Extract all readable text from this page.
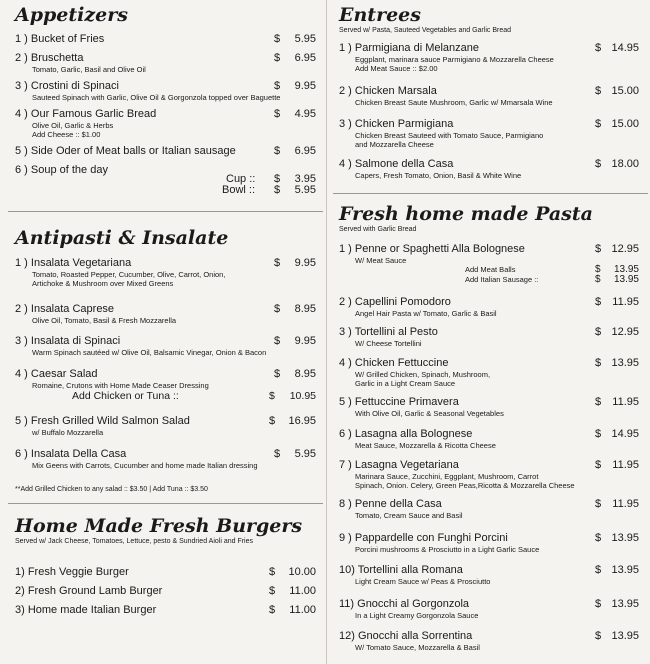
Appetizers
1 ) Bucket of Fries	$	5.95
2 ) Bruschetta	$	6.95
Tomato, Garlic, Basil and Olive Oil
3 ) Crostini di Spinaci	$	9.95
Sauteed Spinach with Garlic, Olive Oil & Gorgonzola topped over Baguette
4 ) Our Famous Garlic Bread	$	4.95
Olive Oil, Garlic & Herbs
Add Cheese :: $1.00
5 ) Side Oder of Meat balls or Italian sausage	$	6.95
6 ) Soup of the day
Cup :: $	3.95
Bowl :: $	5.95
Antipasti & Insalate
1 ) Insalata Vegetariana	$	9.95
Tomato, Roasted Pepper, Cucumber, Olive, Carrot, Onion,
Artichoke & Mushroom over Mixed Greens
2 ) Insalata Caprese	$	8.95
Olive Oil, Tomato, Basil & Fresh Mozzarella
3 ) Insalata di Spinaci	$	9.95
Warm Spinach sautéed w/ Olive Oil, Balsamic Vinegar, Onion & Bacon
4 ) Caesar Salad	$	8.95
Romaine, Crutons with Home Made Ceaser Dressing
Add Chicken or Tuna ::	$	10.95
5 ) Fresh Grilled Wild Salmon Salad	$	16.95
w/ Buffalo Mozzarella
6 ) Insalata Della Casa	$	5.95
Mix Geens with Carrots, Cucumber and home made Italian dressing
**Add Grilled Chicken to any salad :: $3.50 | Add Tuna :: $3.50
Home Made Fresh Burgers
Served w/ Jack Cheese, Tomatoes, Lettuce, pesto & Sundried Aioli and Fries
1) Fresh Veggie Burger	$	10.00
2) Fresh Ground Lamb Burger	$	11.00
3) Home made Italian Burger	$	11.00
Entrees
Served w/ Pasta, Sauteed Vegetables and Garlic Bread
1 ) Parmigiana di Melanzane	$ 14.95
Eggplant, marinara sauce Parmigiano & Mozzarella Cheese
Add Meat Sauce :: $2.00
2 ) Chicken Marsala	$ 15.00
Chicken Breast Saute Mushroom, Garlic w/ Mmarsala Wine
3 ) Chicken Parmigiana	$ 15.00
Chicken Breast Sauteed with Tomato Sauce, Parmigiano
and Mozzarella Cheese
4 ) Salmone della Casa	$ 18.00
Capers, Fresh Tomato, Onion, Basil & White Wine
Fresh home made Pasta
Served with Garlic Bread
1 ) Penne or Spaghetti Alla Bolognese	$ 12.95
W/ Meat Sauce
Add Meat Balls	$	13.95
Add Italian Sausage ::	$	13.95
2 ) Capellini Pomodoro	$	11.95
Angel Hair Pasta w/ Tomato, Garlic & Basil
3 ) Tortellini al Pesto	$ 12.95
W/ Cheese Tortellini
4 ) Chicken Fettuccine	$ 13.95
W/ Grilled Chicken, Spinach, Mushroom,
Garlic in a Light Cream Sauce
5 ) Fettuccine Primavera	$	11.95
With Olive Oil, Garlic & Seasonal Vegetables
6 ) Lasagna alla Bolognese	$ 14.95
Meat Sauce, Mozzarella & Ricotta Cheese
7 ) Lasagna Vegetariana	$	11.95
Marinara Sauce, Zucchini, Eggplant, Mushroom, Carrot
Spinach, Onion. Celery, Green Peas,Ricotta & Mozzarella Cheese
8 ) Penne della Casa	$	11.95
Tomato, Cream Sauce and Basil
9 ) Pappardelle con Funghi Porcini	$ 13.95
Porcini mushrooms & Prosciutto in a Light Garlic Sauce
10) Tortellini alla Romana	$ 13.95
Light Cream Sauce w/ Peas & Prosciutto
11) Gnocchi al Gorgonzola	$ 13.95
In a Light Creamy Gorgonzola Sauce
12) Gnocchi alla Sorrentina	$ 13.95
W/ Tomato Sauce, Mozzarella & Basil
